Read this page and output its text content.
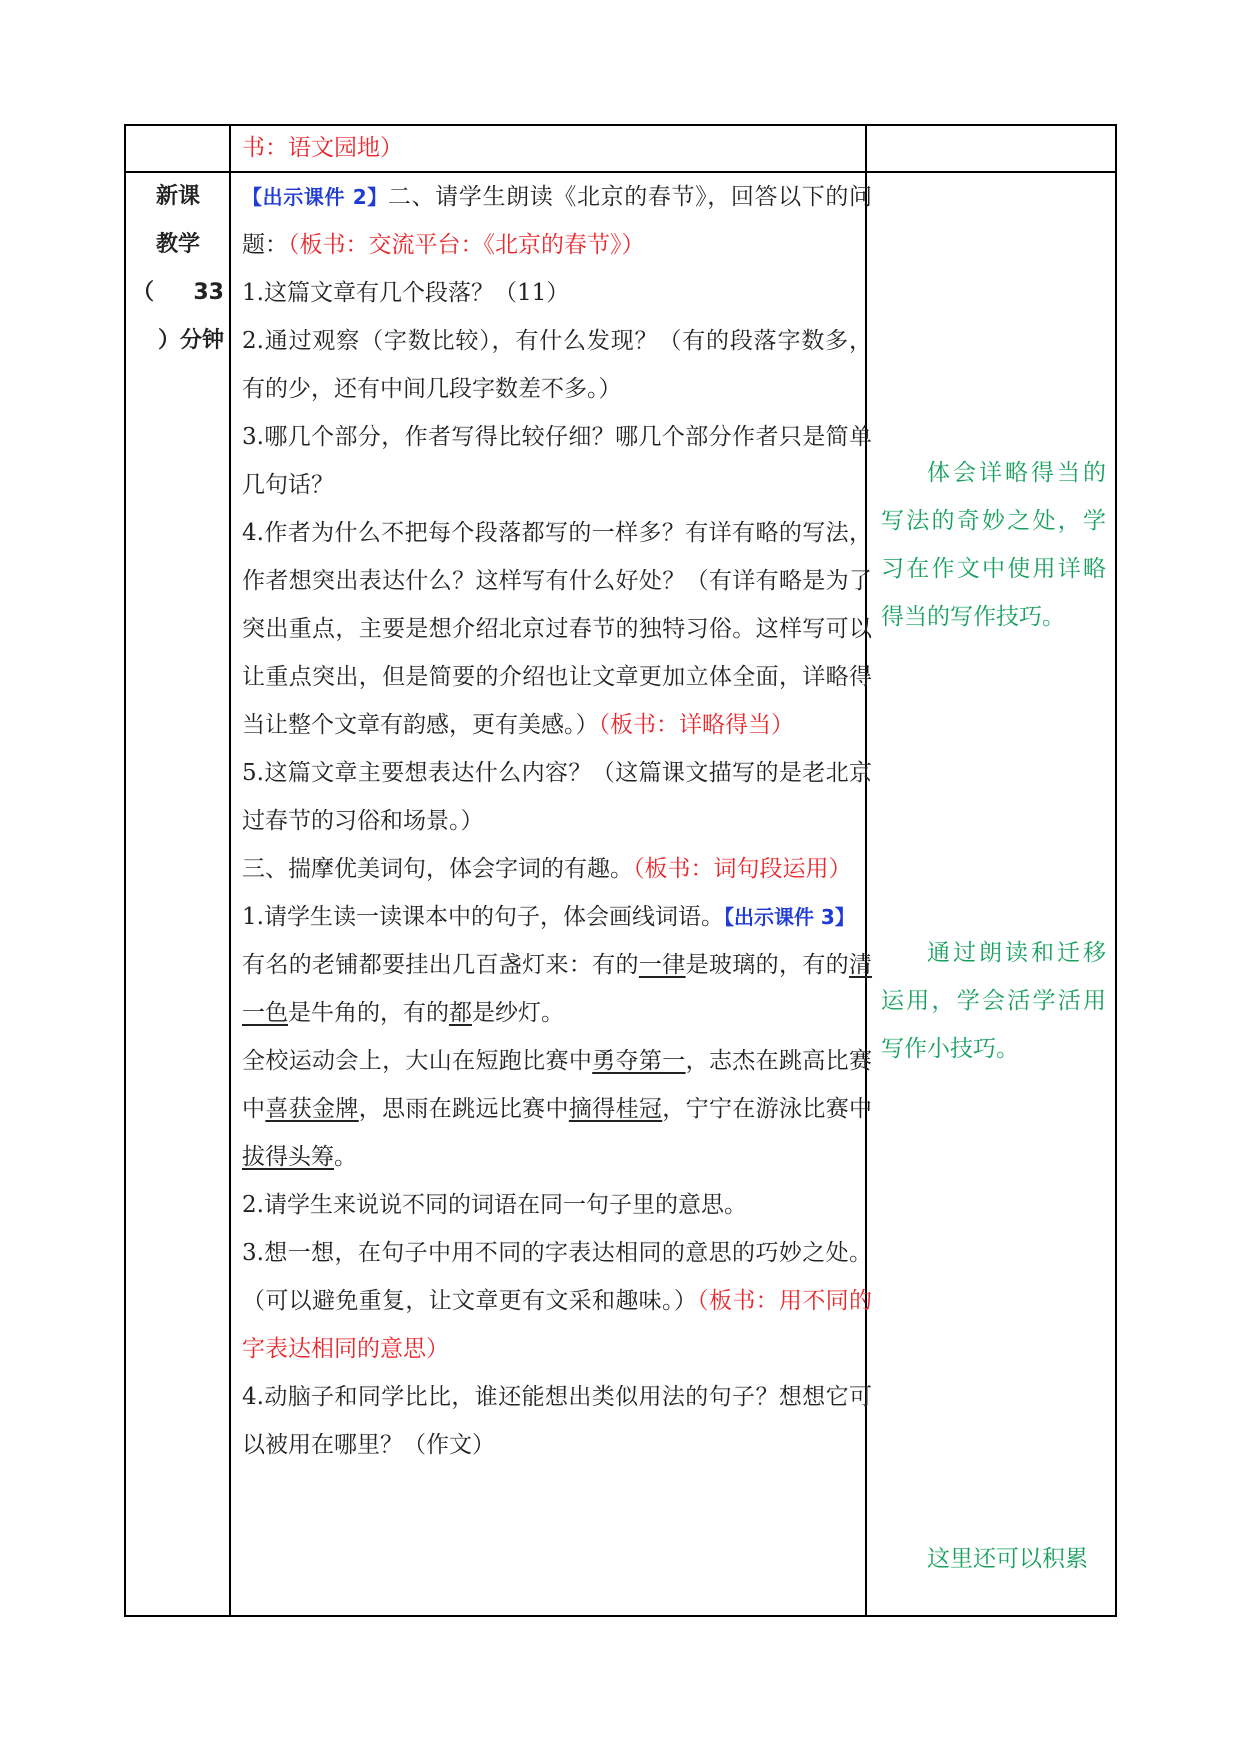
书：语文园地）
新课
教学
（ 33
）分钟
【出示课件 2】二、请学生朗读《北京的春节》，回答以下的问题：（板书：交流平台：《北京的春节》）
1.这篇文章有几个段落？（11）
2.通过观察（字数比较），有什么发现？（有的段落字数多，有的少，还有中间几段字数差不多。）
3.哪几个部分，作者写得比较仔细？哪几个部分作者只是简单几句话？
4.作者为什么不把每个段落都写的一样多？有详有略的写法，作者想突出表达什么？这样写有什么好处？（有详有略是为了突出重点，主要是想介绍北京过春节的独特习俗。这样写可以让重点突出，但是简要的介绍也让文章更加立体全面，详略得当让整个文章有韵感，更有美感。）（板书：详略得当）
5.这篇文章主要想表达什么内容？（这篇课文描写的是老北京过春节的习俗和场景。）
三、揣摩优美词句，体会字词的有趣。（板书：词句段运用）
1.请学生读一读课本中的句子，体会画线词语。【出示课件 3】
有名的老铺都要挂出几百盏灯来：有的一律是玻璃的，有的清一色是牛角的，有的都是纱灯。
全校运动会上，大山在短跑比赛中勇夺第一，志杰在跳高比赛中喜获金牌，思雨在跳远比赛中摘得桂冠，宁宁在游泳比赛中拔得头筹。
2.请学生来说说不同的词语在同一句子里的意思。
3.想一想，在句子中用不同的字表达相同的意思的巧妙之处。（可以避免重复，让文章更有文采和趣味。）（板书：用不同的字表达相同的意思）
4.动脑子和同学比比，谁还能想出类似用法的句子？想想它可以被用在哪里？（作文）
体会详略得当的写法的奇妙之处，学习在作文中使用详略得当的写作技巧。
通过朗读和迁移运用，学会活学活用写作小技巧。
这里还可以积累
